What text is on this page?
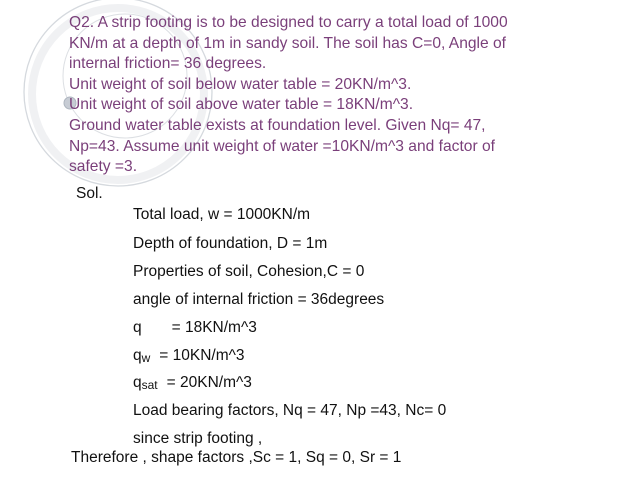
Q2. A strip footing is to be designed to carry a total load of 1000
KN/m at a depth of 1m in sandy soil. The soil has C=0, Angle of
internal friction= 36 degrees.
Unit weight of soil below water table = 20KN/m^3.
Unit weight of soil above water table = 18KN/m^3.
Ground water table exists at foundation level. Given Nq= 47,
Np=43. Assume unit weight of water =10KN/m^3 and factor of
safety =3.
Sol.
Total load, w = 1000KN/m
Depth of foundation, D = 1m
Properties of soil, Cohesion,C = 0
angle of internal friction = 36degrees
q = 18KN/m^3
qw = 10KN/m^3
qsat = 20KN/m^3
Load bearing factors, Nq = 47, Np =43, Nc= 0
since strip footing ,
Therefore , shape factors ,Sc = 1, Sq = 0, Sr = 1
